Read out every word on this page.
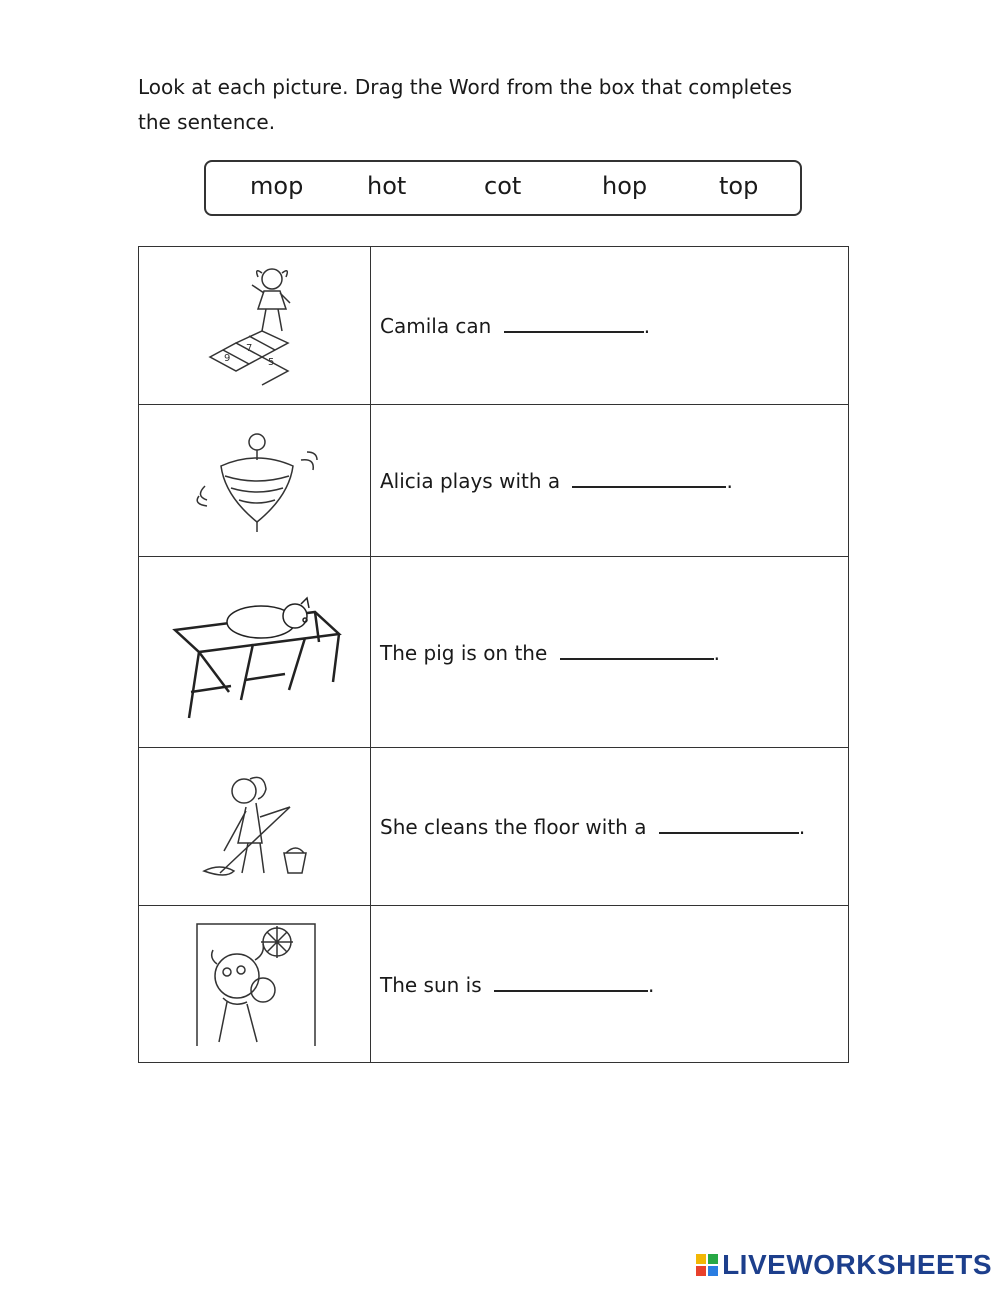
Look at each picture. Drag the Word from the box that completes
the sentence.
mop	hot	cot	hop	top
9
7
5	Camila can .

	Alicia plays with a .

	The pig is on the .

	She cleans the floor with a .

	The sun is .
LIVEWORKSHEETS
